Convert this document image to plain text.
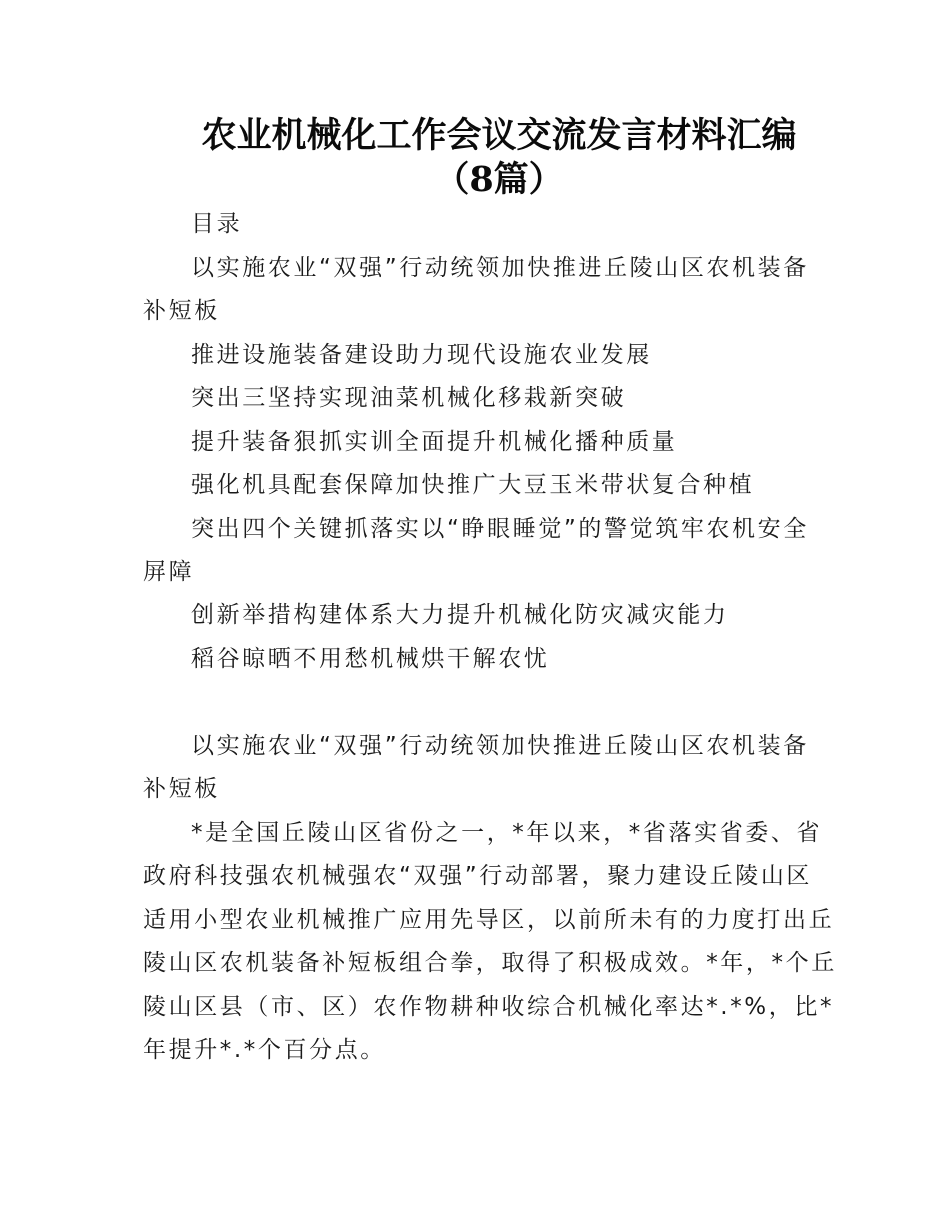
农业机械化工作会议交流发言材料汇编
（8篇）
目录
以实施农业“双强”行动统领加快推进丘陵山区农机装备
补短板
推进设施装备建设助力现代设施农业发展
突出三坚持实现油菜机械化移栽新突破
提升装备狠抓实训全面提升机械化播种质量
强化机具配套保障加快推广大豆玉米带状复合种植
突出四个关键抓落实以“睁眼睡觉”的警觉筑牢农机安全
屏障
创新举措构建体系大力提升机械化防灾减灾能力
稻谷晾晒不用愁机械烘干解农忧
以实施农业“双强”行动统领加快推进丘陵山区农机装备
补短板
*是全国丘陵山区省份之一，*年以来，*省落实省委、省
政府科技强农机械强农“双强”行动部署，聚力建设丘陵山区
适用小型农业机械推广应用先导区，以前所未有的力度打出丘
陵山区农机装备补短板组合拳，取得了积极成效。*年，*个丘
陵山区县（市、区）农作物耕种收综合机械化率达*.*%，比*
年提升*.*个百分点。
